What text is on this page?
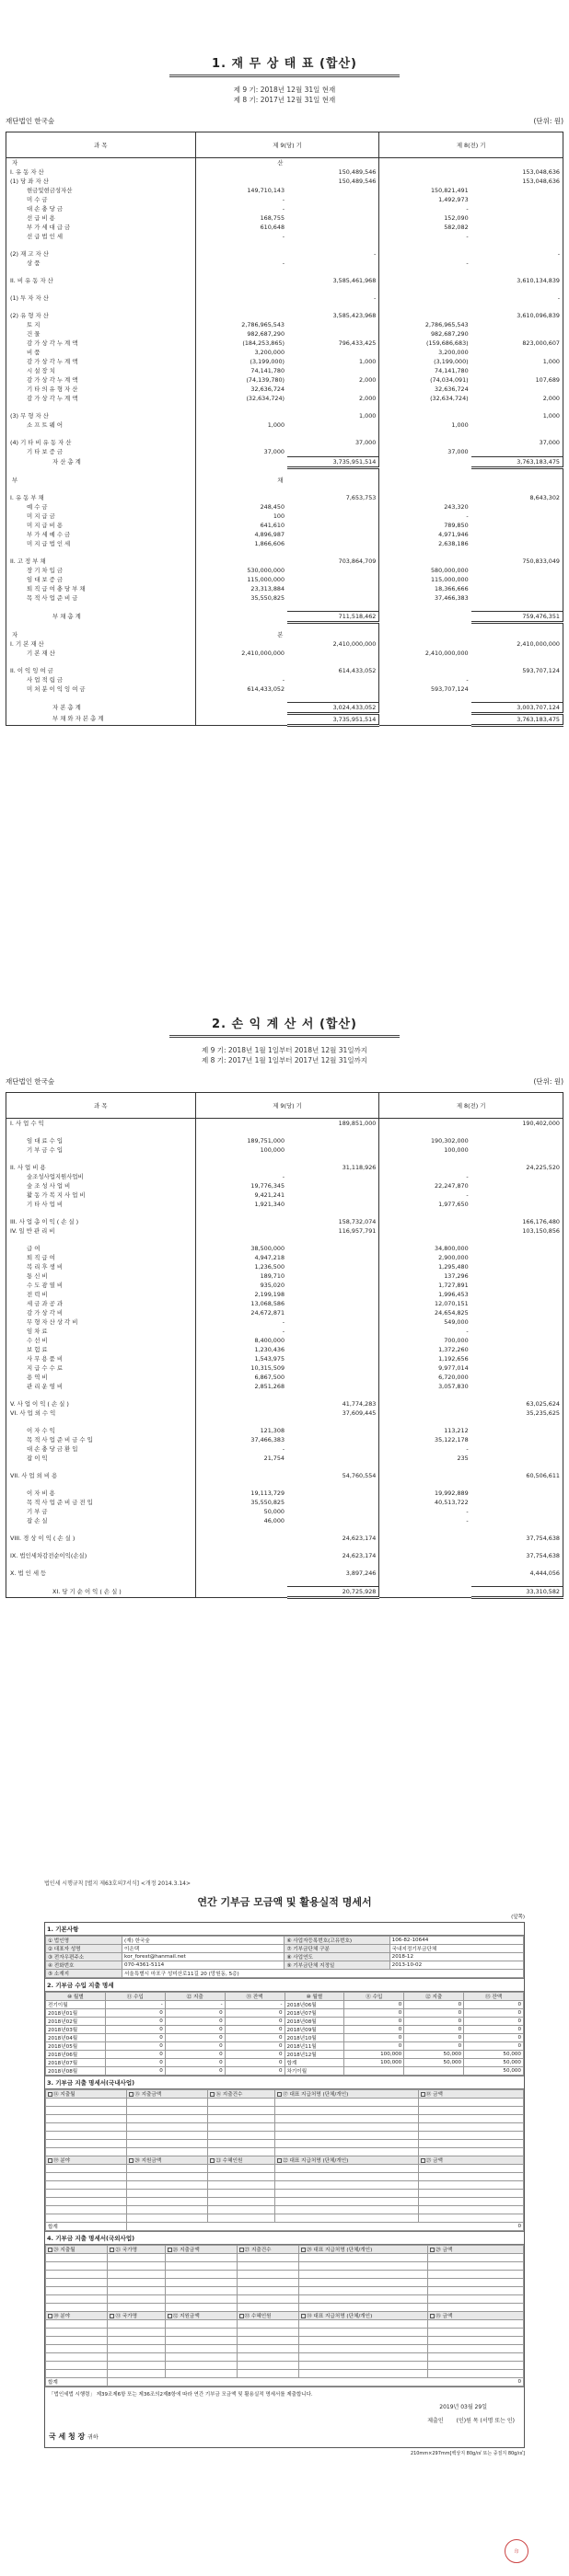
1. 재 무 상 태 표 (합산)
제 9 기: 2018년 12월 31일 현재
제 8 기: 2017년 12월 31일 현재
재단법인 한국숲	(단위: 원)
과 목	제 9(당) 기		제 8(전) 기	
자 산				
I. 유 동 자 산		150,489,546		153,048,636
(1) 당 좌 자 산		150,489,546		153,048,636
현금및현금성자산	149,710,143		150,821,491	
미 수 금	-		1,492,973	
대 손 충 당 금	-		-	
선 급 비 용	168,755		152,090	
부 가 세 대 급 금	610,648		582,082	
선 급 법 인 세	-		-	

(2) 재 고 자 산		-		-
상 품	-		-	

II. 비 유 동 자 산		3,585,461,968		3,610,134,839

(1) 투 자 자 산		-		-

(2) 유 형 자 산		3,585,423,968		3,610,096,839
토 지	2,786,965,543		2,786,965,543	
건 물	982,687,290		982,687,290	
감 가 상 각 누 계 액	(184,253,865)	796,433,425	(159,686,683)	823,000,607
비 품	3,200,000		3,200,000	
감 가 상 각 누 계 액	(3,199,000)	1,000	(3,199,000)	1,000
시 설 장 치	74,141,780		74,141,780	
감 가 상 각 누 계 액	(74,139,780)	2,000	(74,034,091)	107,689
기 타 의 유 형 자 산	32,636,724		32,636,724	
감 가 상 각 누 계 액	(32,634,724)	2,000	(32,634,724)	2,000

(3) 무 형 자 산		1,000		1,000
소 프 트 웨 어	1,000		1,000	

(4) 기 타 비 유 동 자 산		37,000		37,000
기 타 보 증 금	37,000		37,000	
자 산 총 계		3,735,951,514		3,763,183,475

부 채				

I. 유 동 부 채		7,653,753		8,643,302
예 수 금	248,450		243,320	
미 지 급 금	100		-	
미 지 급 비 용	641,610		789,850	
부 가 세 예 수 금	4,896,987		4,971,946	
미 지 급 법 인 세	1,866,606		2,638,186	

II. 고 정 부 채		703,864,709		750,833,049
장 기 차 입 금	530,000,000		580,000,000	
임 대 보 증 금	115,000,000		115,000,000	
퇴 직 급 여 충 당 부 채	23,313,884		18,366,666	
목 적 사 업 준 비 금	35,550,825		37,466,383	

부 채 총 계		711,518,462		759,476,351

자 본				
I. 기 본 재 산		2,410,000,000		2,410,000,000
기 본 재 산	2,410,000,000		2,410,000,000	

II. 이 익 잉 여 금		614,433,052		593,707,124
사 업 적 립 금	-		-	
미 처 분 이 익 잉 여 금	614,433,052		593,707,124	

자 본 총 계		3,024,433,052		3,003,707,124
부 채 와 자 본 총 계		3,735,951,514		3,763,183,475
2. 손 익 계 산 서 (합산)
제 9 기: 2018년 1월 1일부터 2018년 12월 31일까지
제 8 기: 2017년 1월 1일부터 2017년 12월 31일까지
재단법인 한국숲	(단위: 원)
과 목	제 9(당) 기		제 8(전) 기	
I. 사 업 수 익		189,851,000		190,402,000

임 대 료 수 입	189,751,000		190,302,000	
기 부 금 수 입	100,000		100,000	

II. 사 업 비 용		31,118,926		24,225,520
숲조성사업지원사업비	-		-	
숲 조 성 사 업 비	19,776,345		22,247,870	
활 동 가 복 지 사 업 비	9,421,241		-	
기 타 사 업 비	1,921,340		1,977,650	

III. 사 업 총 이 익 ( 손 실 )		158,732,074		166,176,480
IV. 일 반 관 리 비		116,957,791		103,150,856

급 여	38,500,000		34,800,000	
퇴 직 급 여	4,947,218		2,900,000	
복 리 후 생 비	1,236,500		1,295,480	
통 신 비	189,710		137,296	
수 도 광 열 비	935,020		1,727,891	
전 력 비	2,199,198		1,996,453	
세 금 과 공 과	13,068,586		12,070,151	
감 가 상 각 비	24,672,871		24,654,825	
무 형 자 산 상 각 비	-		549,000	
임 차 료	-		-	
수 선 비	8,400,000		700,000	
보 험 료	1,230,436		1,372,260	
사 무 용 품 비	1,543,975		1,192,656	
지 급 수 수 료	10,315,509		9,977,014	
용 역 비	6,867,500		6,720,000	
관 리 운 영 비	2,851,268		3,057,830	

V. 사 업 이 익 ( 손 실 )		41,774,283		63,025,624
VI. 사 업 외 수 익		37,609,445		35,235,625

이 자 수 익	121,308		113,212	
목 적 사 업 준 비 금 수 입	37,466,383		35,122,178	
대 손 충 당 금 환 입	-		-	
잡 이 익	21,754		235	

VII. 사 업 외 비 용		54,760,554		60,506,611

이 자 비 용	19,113,729		19,992,889	
목 적 사 업 준 비 금 전 입	35,550,825		40,513,722	
기 부 금	50,000		-	
잡 손 실	46,000		-	

VIII. 경 상 이 익 ( 손 실 )		24,623,174		37,754,638

IX. 법인세차감전순이익(손실)		24,623,174		37,754,638

X. 법 인 세 등		3,897,246		4,444,056

XI. 당 기 순 이 익 ( 손 실 )		20,725,928		33,310,582
법인세 시행규칙 [별지 제63호의7서식] <개정 2014.3.14>
연간 기부금 모금액 및 활용실적 명세서
(앞쪽)
1. 기본사항
① 법인명	(재) 한국숲	⑥ 사업자등록번호(고유번호)	106-82-10644
② 대표자 성명	이은택	⑦ 기부금단체 구분	국내지정기부금단체
③ 전자우편주소	kor_forest@hanmail.net	⑧ 사업연도	2018-12
④ 전화번호	070-4361-5114	⑨ 기부금단체 지정일	2013-10-02
⑤ 소재지	서울특별시 마포구 성미산로11길 20 (망원동, 5층)		
2. 기부금 수입 지출 명세
⑩ 월별	⑪ 수입	⑫ 지출	⑬ 잔액	⑩ 월별	⑪ 수입	⑫ 지출	⑬ 잔액
전기이월	-	-	-	2018년06월	0	0	0
2018년01월	0	0	0	2018년07월	0	0	0
2018년02월	0	0	0	2018년08월	0	0	0
2018년03월	0	0	0	2018년09월	0	0	0
2018년04월	0	0	0	2018년10월	0	0	0
2018년05월	0	0	0	2018년11월	0	0	0
2018년06월	0	0	0	2018년12월	100,000	50,000	50,000
2018년07월	0	0	0	합계	100,000	50,000	50,000
2018년08월	0	0	0	차기이월			50,000
3. 기부금 지출 명세서(국내사업)
⑭ 지출월	⑮ 지출금액	⑯ 지출건수	⑰ 대표 지급처명 (단체/개인)	⑱ 금액

⑲ 분야	⑳ 지원금액	㉑ 수혜인원	㉒ 대표 지급처명 (단체/개인)	㉓ 금액

합계	0			
4. 기부금 지출 명세서(국외사업)
㉔ 지출월	㉕ 국가명	㉖ 지출금액	㉗ 지출건수	㉘ 대표 지급처명 (단체/개인)	㉙ 금액

㉚ 분야	㉛ 국가명	㉜ 지원금액	㉝ 수혜인원	㉞ 대표 지급처명 (단체/개인)	㉟ 금액

합계	0				
「법인세법 시행령」 제39조제6항 또는 제36조의2제8항에 따라 연간 기부금 모금액 및 활용실적 명세서를 제출합니다.
2019년 03월 29일
제출인 (인)원 목 (서명 또는 인)
국 세 청 장 귀하
210mm×297mm[백상지 80g/㎡ 또는 중질지 80g/㎡]
印
